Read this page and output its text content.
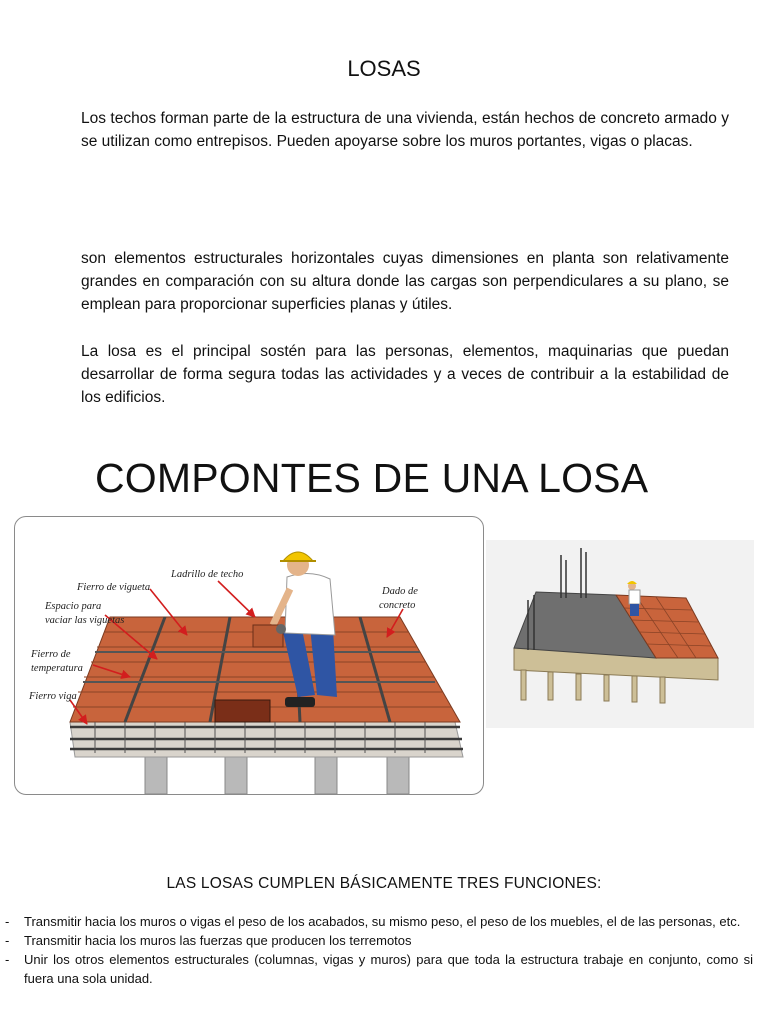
LOSAS

Los techos forman parte de la estructura de una vivienda, están hechos de concreto armado y se utilizan como entrepisos. Pueden apoyarse sobre los muros portantes, vigas o placas.

son elementos estructurales horizontales cuyas dimensiones en planta son relativamente grandes en comparación con su altura donde las cargas son perpendiculares a su plano, se emplean para proporcionar superficies planas y útiles.

La losa es el principal sostén para las personas, elementos, maquinarias que puedan desarrollar de forma segura todas las actividades y a veces de contribuir a la estabilidad de los edificios.

COMPONTES DE UNA LOSA
Fierro de vigueta
Ladrillo de techo
Dado de
concreto
Espacio para
vaciar las viguetas
Fierro de
temperatura
Fierro viga
LAS LOSAS CUMPLEN BÁSICAMENTE TRES FUNCIONES:
- Transmitir hacia los muros o vigas el peso de los acabados, su mismo peso, el peso de los muebles, el de las personas, etc.
- Transmitir hacia los muros las fuerzas que producen los terremotos
- Unir los otros elementos estructurales (columnas, vigas y muros) para que toda la estructura trabaje en conjunto, como si fuera una sola unidad.
